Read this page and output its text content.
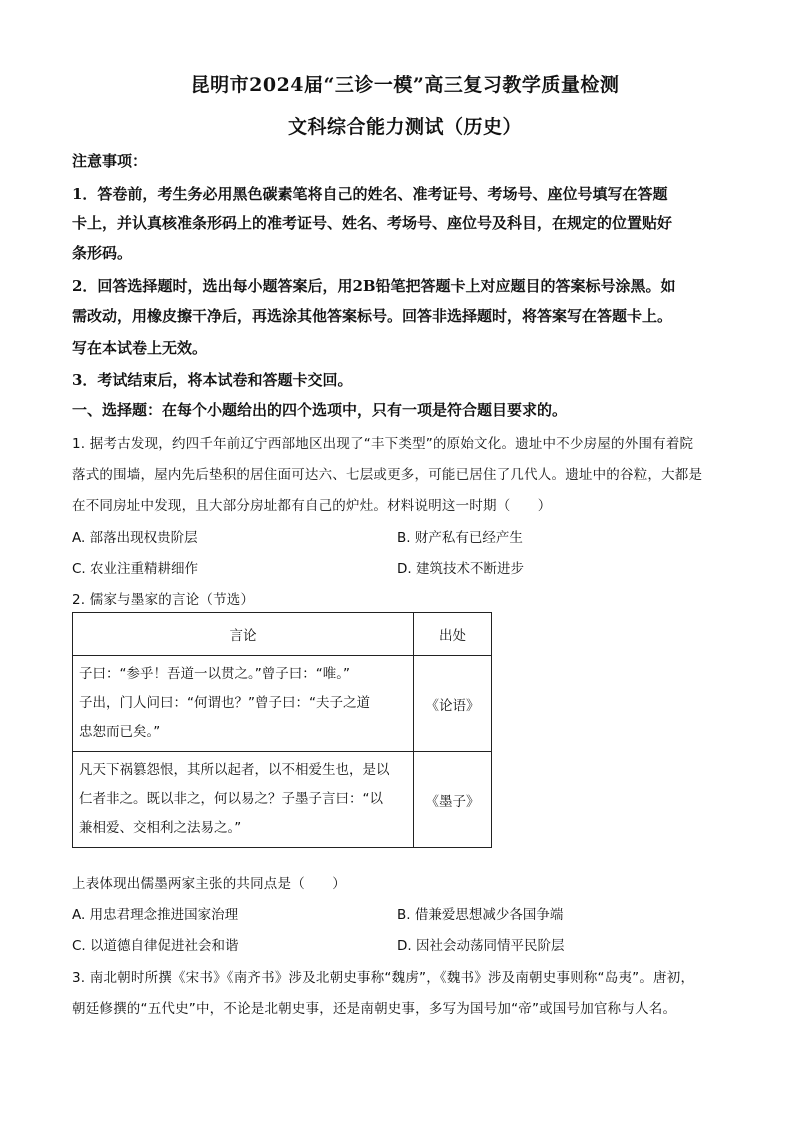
昆明市2024届“三诊一模”高三复习教学质量检测
文科综合能力测试（历史）
注意事项：
1．答卷前，考生务必用黑色碳素笔将自己的姓名、准考证号、考场号、座位号填写在答题
卡上，并认真核准条形码上的准考证号、姓名、考场号、座位号及科目，在规定的位置贴好
条形码。
2．回答选择题时，选出每小题答案后，用2B铅笔把答题卡上对应题目的答案标号涂黑。如
需改动，用橡皮擦干净后，再选涂其他答案标号。回答非选择题时，将答案写在答题卡上。
写在本试卷上无效。
3．考试结束后，将本试卷和答题卡交回。
一、选择题：在每个小题给出的四个选项中，只有一项是符合题目要求的。
1. 据考古发现，约四千年前辽宁西部地区出现了“丰下类型”的原始文化。遗址中不少房屋的外围有着院
落式的围墙，屋内先后垫积的居住面可达六、七层或更多，可能已居住了几代人。遗址中的谷粒，大都是
在不同房址中发现，且大部分房址都有自己的炉灶。材料说明这一时期（　　）
A. 部落出现权贵阶层	B. 财产私有已经产生
C. 农业注重精耕细作	D. 建筑技术不断进步
2. 儒家与墨家的言论（节选）
言论	出处

子曰：“参乎！吾道一以贯之。”曾子曰：“唯。”
子出，门人问曰：“何谓也？”曾子曰：“夫子之道
忠恕而已矣。”	《论语》

凡天下祸篡怨恨，其所以起者，以不相爱生也，是以
仁者非之。既以非之，何以易之？子墨子言曰：“以
兼相爱、交相利之法易之。”	《墨子》
上表体现出儒墨两家主张的共同点是（　　）
A. 用忠君理念推进国家治理	B. 借兼爱思想减少各国争端
C. 以道德自律促进社会和谐	D. 因社会动荡同情平民阶层
3. 南北朝时所撰《宋书》《南齐书》涉及北朝史事称“魏虏”，《魏书》涉及南朝史事则称“岛夷”。唐初，
朝廷修撰的“五代史”中，不论是北朝史事，还是南朝史事，多写为国号加“帝”或国号加官称与人名。
